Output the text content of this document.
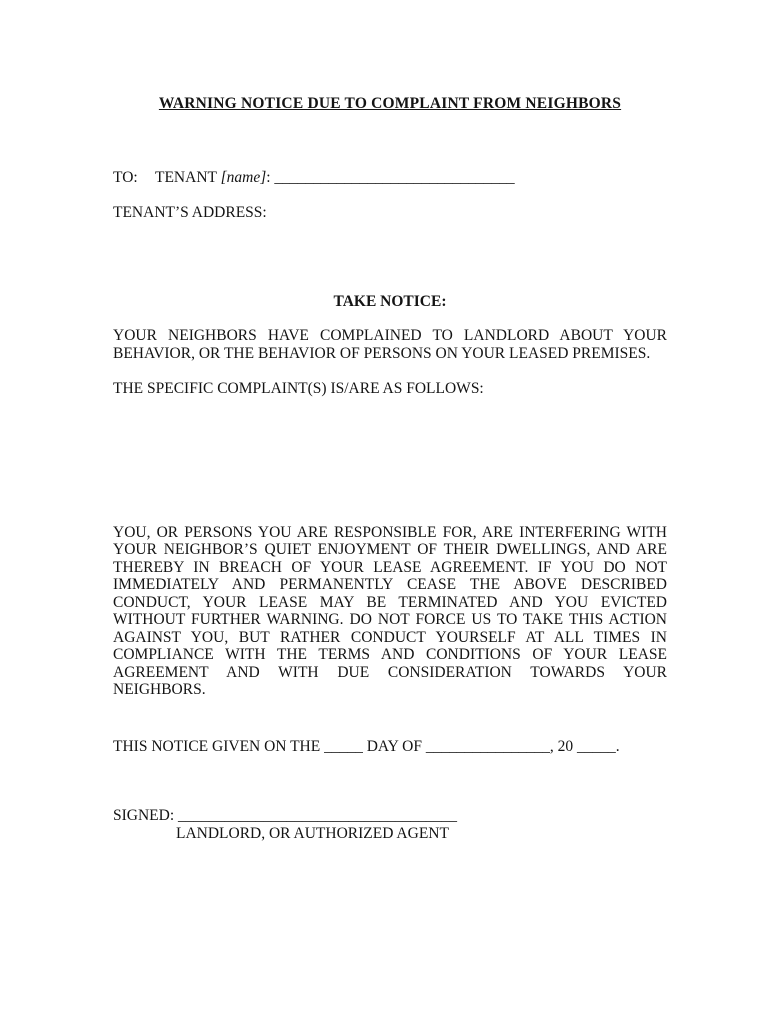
WARNING NOTICE DUE TO COMPLAINT FROM NEIGHBORS
TO: TENANT [name]: _______________________________
TENANT’S ADDRESS:
TAKE NOTICE:

YOUR NEIGHBORS HAVE COMPLAINED TO LANDLORD ABOUT YOUR BEHAVIOR, OR THE BEHAVIOR OF PERSONS ON YOUR LEASED PREMISES.

THE SPECIFIC COMPLAINT(S) IS/ARE AS FOLLOWS:

YOU, OR PERSONS YOU ARE RESPONSIBLE FOR, ARE INTERFERING WITH YOUR NEIGHBOR’S QUIET ENJOYMENT OF THEIR DWELLINGS, AND ARE THEREBY IN BREACH OF YOUR LEASE AGREEMENT. IF YOU DO NOT IMMEDIATELY AND PERMANENTLY CEASE THE ABOVE DESCRIBED CONDUCT, YOUR LEASE MAY BE TERMINATED AND YOU EVICTED WITHOUT FURTHER WARNING. DO NOT FORCE US TO TAKE THIS ACTION AGAINST YOU, BUT RATHER CONDUCT YOURSELF AT ALL TIMES IN COMPLIANCE WITH THE TERMS AND CONDITIONS OF YOUR LEASE AGREEMENT AND WITH DUE CONSIDERATION TOWARDS YOUR NEIGHBORS.

THIS NOTICE GIVEN ON THE _____ DAY OF ________________, 20 _____.
SIGNED: ____________________________________
LANDLORD, OR AUTHORIZED AGENT
